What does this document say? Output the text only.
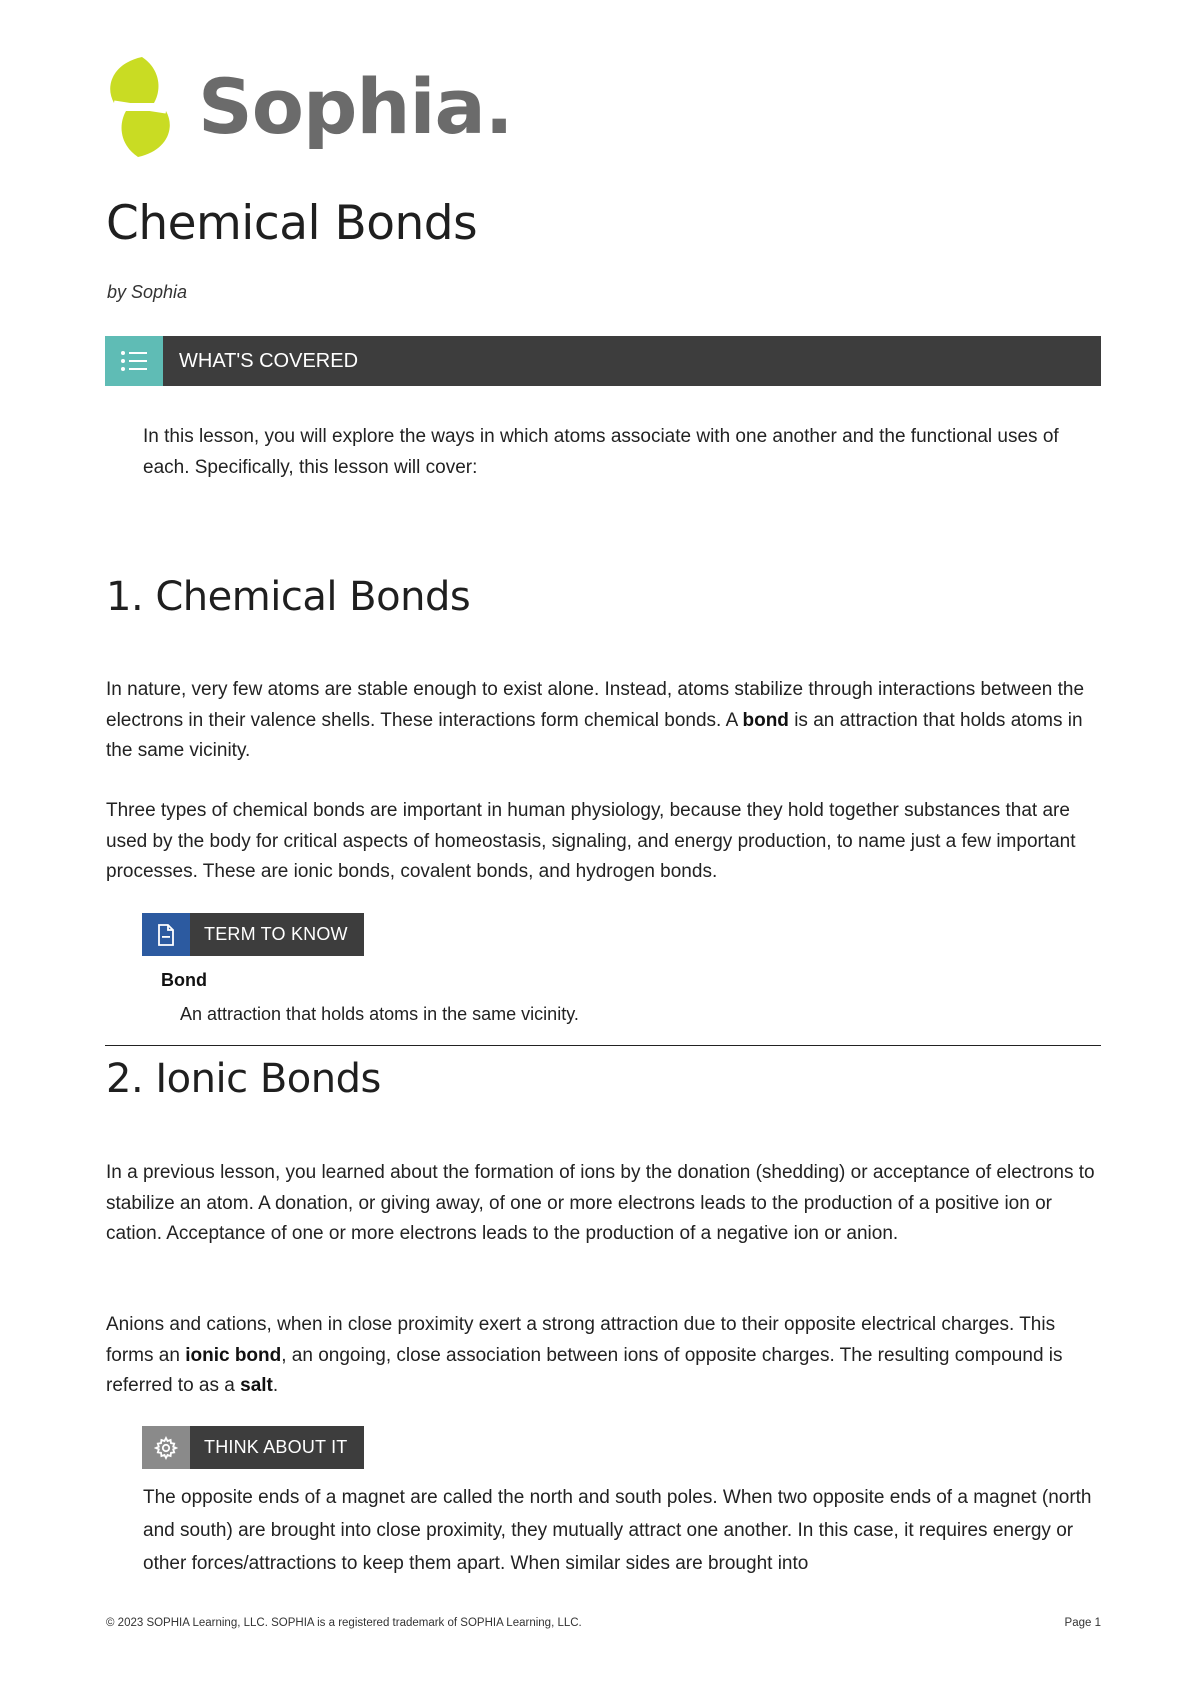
Sophia.
Chemical Bonds
by Sophia
WHAT'S COVERED

In this lesson, you will explore the ways in which atoms associate with one another and the functional uses of each. Specifically, this lesson will cover:

1. Chemical Bonds

In nature, very few atoms are stable enough to exist alone. Instead, atoms stabilize through interactions between the electrons in their valence shells. These interactions form chemical bonds. A bond is an attraction that holds atoms in the same vicinity.

Three types of chemical bonds are important in human physiology, because they hold together substances that are used by the body for critical aspects of homeostasis, signaling, and energy production, to name just a few important processes. These are ionic bonds, covalent bonds, and hydrogen bonds.

TERM TO KNOW
Bond
An attraction that holds atoms in the same vicinity.
2. Ionic Bonds

In a previous lesson, you learned about the formation of ions by the donation (shedding) or acceptance of electrons to stabilize an atom. A donation, or giving away, of one or more electrons leads to the production of a positive ion or cation. Acceptance of one or more electrons leads to the production of a negative ion or anion.

Anions and cations, when in close proximity exert a strong attraction due to their opposite electrical charges. This forms an ionic bond, an ongoing, close association between ions of opposite charges. The resulting compound is referred to as a salt.

THINK ABOUT IT

The opposite ends of a magnet are called the north and south poles. When two opposite ends of a magnet (north and south) are brought into close proximity, they mutually attract one another. In this case, it requires energy or other forces/attractions to keep them apart. When similar sides are brought into

© 2023 SOPHIA Learning, LLC. SOPHIA is a registered trademark of SOPHIA Learning, LLC.	Page 1
